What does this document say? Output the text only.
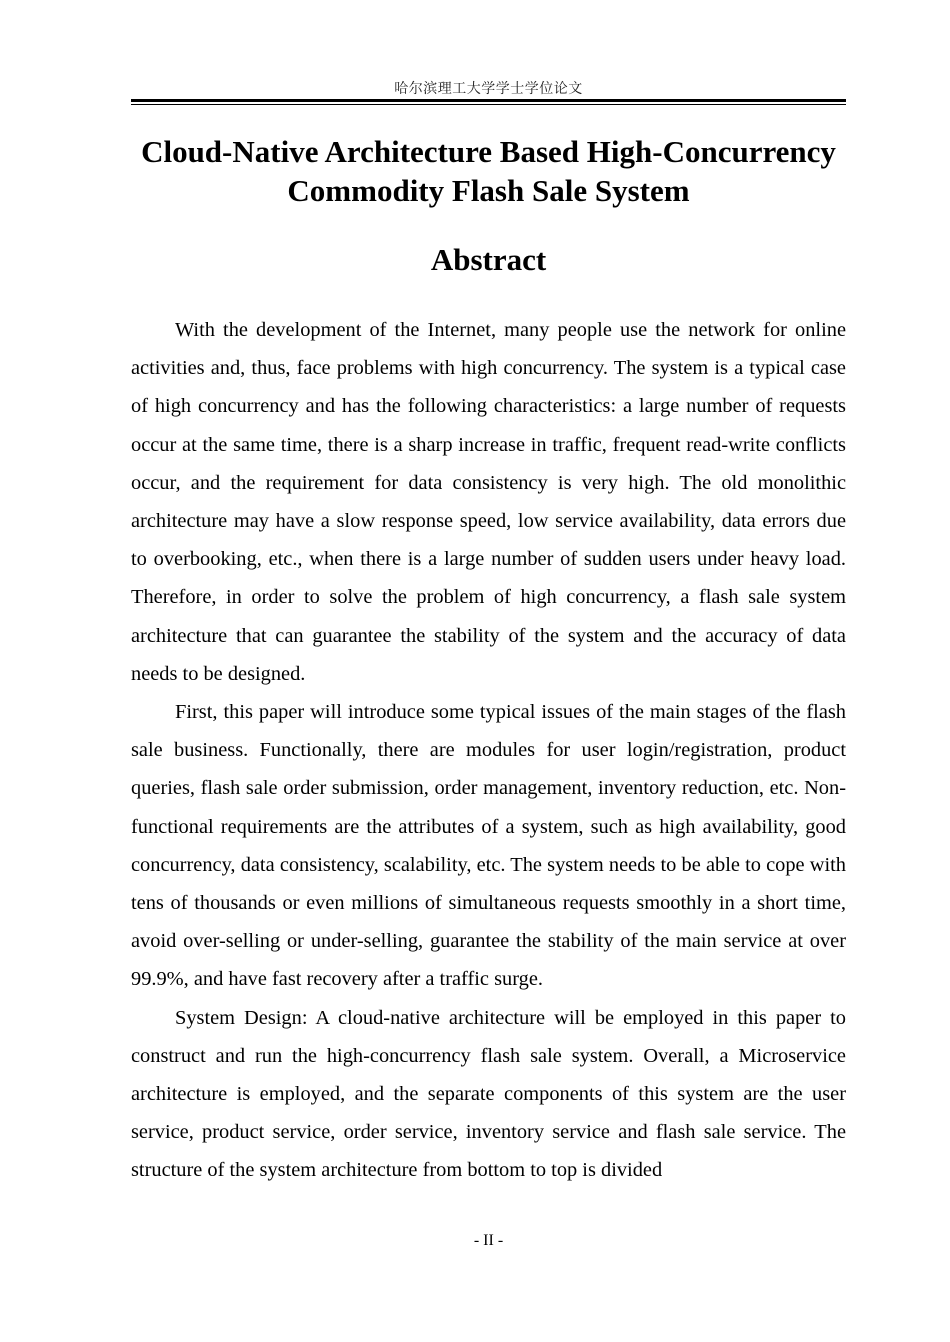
哈尔滨理工大学学士学位论文
Cloud-Native Architecture Based High-Concurrency Commodity Flash Sale System
Abstract

With the development of the Internet, many people use the network for online activities and, thus, face problems with high concurrency. The system is a typical case of high concurrency and has the following characteristics: a large number of requests occur at the same time, there is a sharp increase in traffic, frequent read-write conflicts occur, and the requirement for data consistency is very high. The old monolithic architecture may have a slow response speed, low service availability, data errors due to overbooking, etc., when there is a large number of sudden users under heavy load. Therefore, in order to solve the problem of high concurrency, a flash sale system architecture that can guarantee the stability of the system and the accuracy of data needs to be designed.

First, this paper will introduce some typical issues of the main stages of the flash sale business. Functionally, there are modules for user login/registration, product queries, flash sale order submission, order management, inventory reduction, etc. Non-functional requirements are the attributes of a system, such as high availability, good concurrency, data consistency, scalability, etc. The system needs to be able to cope with tens of thousands or even millions of simultaneous requests smoothly in a short time, avoid over-selling or under-selling, guarantee the stability of the main service at over 99.9%, and have fast recovery after a traffic surge.

System Design: A cloud-native architecture will be employed in this paper to construct and run the high-concurrency flash sale system. Overall, a Microservice architecture is employed, and the separate components of this system are the user service, product service, order service, inventory service and flash sale service. The structure of the system architecture from bottom to top is divided

- II -
